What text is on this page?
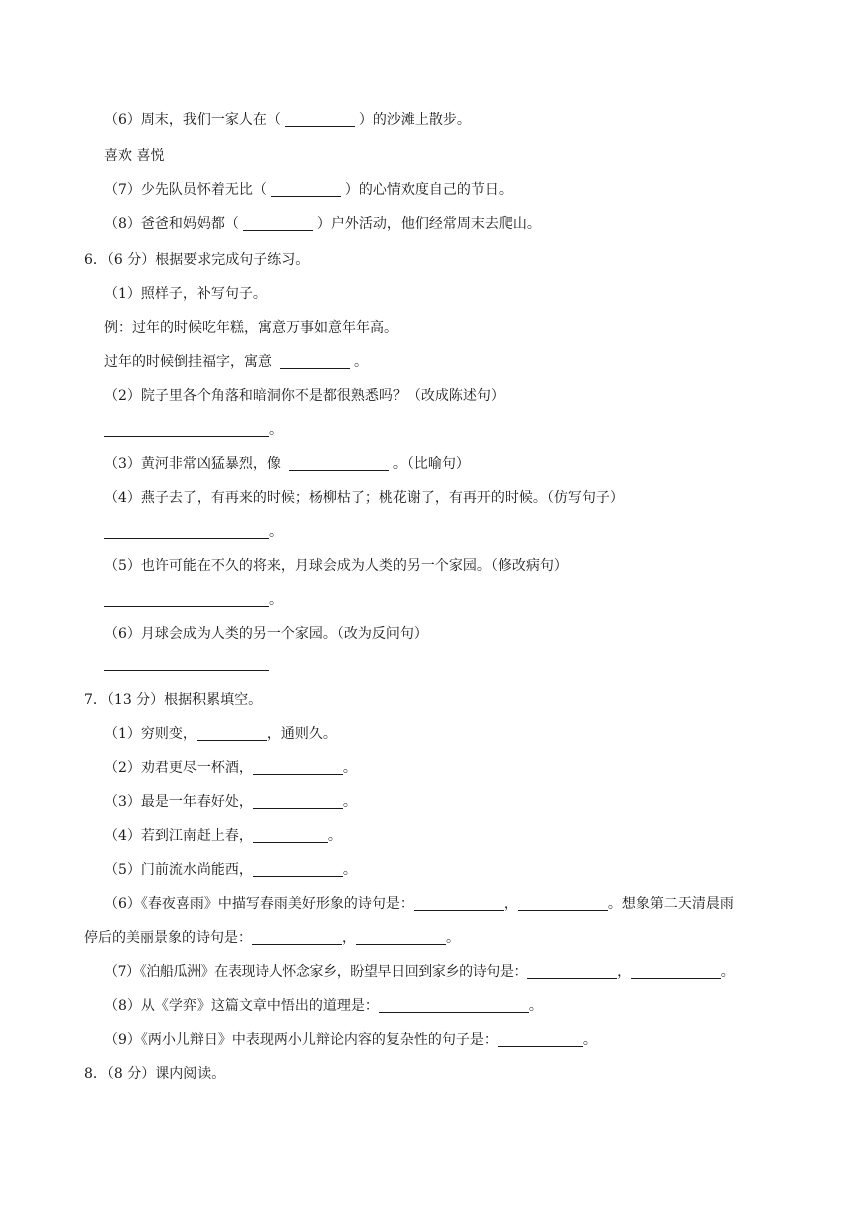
（6）周末，我们一家人在（	）的沙滩上散步。
喜欢 喜悦
（7）少先队员怀着无比（	）的心情欢度自己的节日。
（8）爸爸和妈妈都（	）户外活动，他们经常周末去爬山。
6．（6 分）根据要求完成句子练习。
（1）照样子，补写句子。
例：过年的时候吃年糕，寓意万事如意年年高。
过年的时候倒挂福字，寓意	。
（2）院子里各个角落和暗洞你不是都很熟悉吗？（改成陈述句）
。
（3）黄河非常凶猛暴烈，像	。（比喻句）
（4）燕子去了，有再来的时候；杨柳枯了；桃花谢了，有再开的时候。（仿写句子）
。
（5）也许可能在不久的将来，月球会成为人类的另一个家园。（修改病句）
。
（6）月球会成为人类的另一个家园。（改为反问句）
7．（13 分）根据积累填空。
（1）穷则变，	，通则久。
（2）劝君更尽一杯酒，	。
（3）最是一年春好处，	。
（4）若到江南赶上春，	。
（5）门前流水尚能西，	。
（6）《春夜喜雨》中描写春雨美好形象的诗句是：	，	。想象第二天清晨雨
停后的美丽景象的诗句是：	，	。
（7）《泊船瓜洲》在表现诗人怀念家乡，盼望早日回到家乡的诗句是：	，	。
（8）从《学弈》这篇文章中悟出的道理是：	。
（9）《两小儿辩日》中表现两小儿辩论内容的复杂性的句子是：	。
8．（8 分）课内阅读。
